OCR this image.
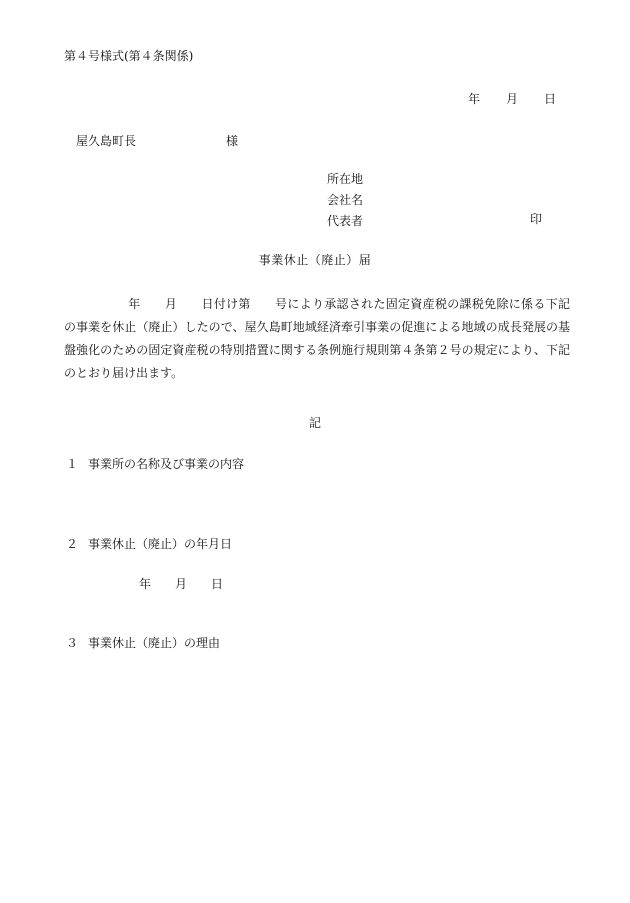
第４号様式(第４条関係)
年 月 日
屋久島町長	様
所在地
会社名
代表者	印
事業休止（廃止）届
年 月 日付け第 号により承認された固定資産税の課税免除に係る下記の事業を休止（廃止）したので、屋久島町地域経済牽引事業の促進による地域の成長発展の基盤強化のための固定資産税の特別措置に関する条例施行規則第４条第２号の規定により、下記のとおり届け出ます。
記
１ 事業所の名称及び事業の内容
２ 事業休止（廃止）の年月日
年 月 日
３ 事業休止（廃止）の理由
